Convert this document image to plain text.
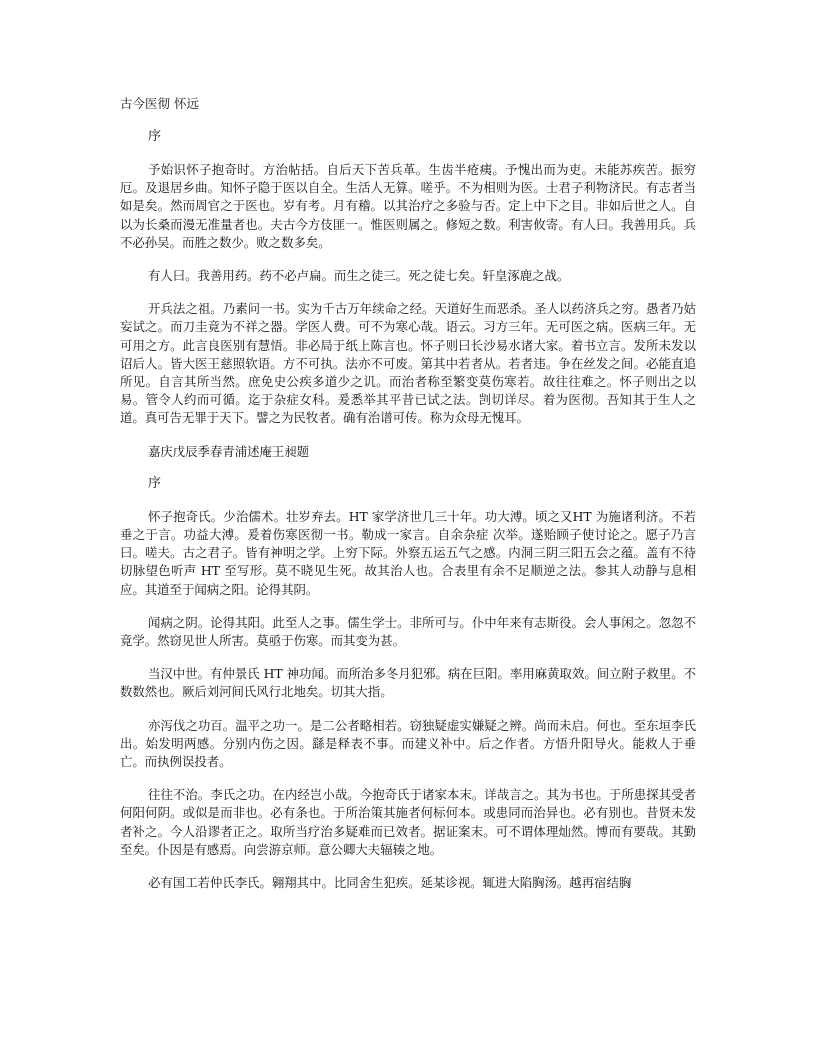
古今医彻 怀远
序

予始识怀子抱奇时。方治帖括。自后天下苦兵革。生齿半疮痍。予愧出而为吏。未能苏疾苦。振穷厄。及退居乡曲。知怀子隐于医以自全。生活人无算。嗟乎。不为相则为医。士君子利物济民。有志者当如是矣。然而周官之于医也。岁有考。月有稽。以其治疗之多验与否。定上中下之目。非如后世之人。自以为长桑而漫无准量者也。夫古今方伎匪一。惟医则属之。修短之数。利害攸寄。有人曰。我善用兵。兵不必孙吴。而胜之数少。败之数多矣。

有人曰。我善用药。药不必卢扁。而生之徒三。死之徒七矣。轩皇涿鹿之战。

开兵法之祖。乃素问一书。实为千古万年续命之经。天道好生而恶杀。圣人以药济兵之穷。愚者乃姑妄试之。而刀圭竟为不祥之器。学医人费。可不为寒心哉。语云。习方三年。无可医之病。医病三年。无可用之方。此言良医别有慧悟。非必局于纸上陈言也。怀子则曰长沙易水诸大家。着书立言。发所未发以诏后人。皆大医王慈照软语。方不可执。法亦不可废。第其中若者从。若者违。争在丝发之间。必能直追所见。自言其所当然。庶免史公疾多道少之讥。而治者称至繁变莫伤寒若。故往往难之。怀子则出之以易。管令人约而可循。迄于杂症女科。爰悉举其平昔已试之法。剀切详尽。着为医彻。吾知其于生人之道。真可告无罪于天下。譬之为民牧者。确有治谱可传。称为众母无愧耳。

嘉庆戊辰季春青浦述庵王昶题

序

怀子抱奇氏。少治儒术。壮岁弃去。HT 家学济世几三十年。功大溥。顷之又HT 为施诸利济。不若垂之于言。功益大溥。爰着伤寒医彻一书。勒成一家言。自余杂症 次举。遂贻顾子使讨论之。愿子乃言曰。嗟夫。古之君子。皆有神明之学。上穷下际。外察五运五气之感。内洞三阴三阳五会之蕴。盖有不待切脉望色听声 HT 至写形。莫不晓见生死。故其治人也。合表里有余不足顺逆之法。参其人动静与息相应。其道至于闻病之阳。论得其阴。

闻病之阴。论得其阳。此至人之事。儒生学士。非所可与。仆中年来有志斯役。会人事闲之。忽忽不竟学。然窃见世人所害。莫亟于伤寒。而其变为甚。

当汉中世。有仲景氏 HT 神功闻。而所治多冬月犯邪。病在巨阳。率用麻黄取效。间立附子救里。不数数然也。厥后刘河间氏风行北地矣。切其大指。

亦泻伐之功百。温平之功一。是二公者略相若。窃独疑虚实嫌疑之辨。尚而未启。何也。至东垣李氏出。始发明两感。分别内伤之因。繇是释表不事。而建义补中。后之作者。方悟升阳导火。能救人于垂亡。而执例误投者。

往往不治。李氏之功。在内经岂小哉。今抱奇氏于诸家本末。详哉言之。其为书也。于所患探其受者何阳何阴。或似是而非也。必有条也。于所治策其施者何标何本。或患同而治异也。必有别也。昔贤未发者补之。今人沿谬者正之。取所当疗治多疑难而已效者。据证案末。可不谓体理灿然。博而有要哉。其勤至矣。仆因是有感焉。向尝游京师。意公卿大夫辐辏之地。

必有国工若仲氏李氏。翱翔其中。比同舍生犯疾。延某诊视。辄进大陷胸汤。越再宿结胸
